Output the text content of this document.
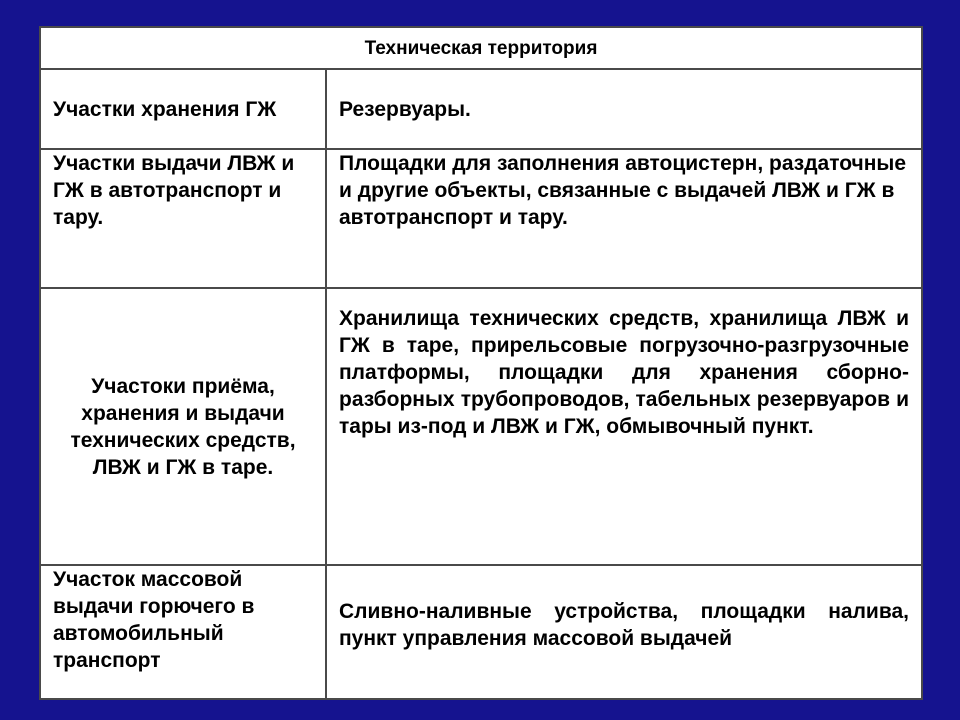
Техническая территория	
Участки хранения ГЖ	Резервуары.
Участки выдачи ЛВЖ и ГЖ в автотранспорт и тару.	Площадки для заполнения автоцистерн, раздаточные и другие объекты, связанные с выдачей ЛВЖ и ГЖ в автотранспорт и тару.
Участоки приёма, хранения и выдачи технических средств, ЛВЖ и ГЖ в таре.	Хранилища технических средств, хранилища ЛВЖ и ГЖ в таре, прирельсовые погрузочно-разгрузочные платформы, площадки для хранения сборно-разборных трубопроводов, табельных резервуаров и тары из-под и ЛВЖ и ГЖ, обмывочный пункт.
Участок массовой выдачи горючего в автомобильный транспорт	Сливно-наливные устройства, площадки налива, пункт управления массовой выдачей
